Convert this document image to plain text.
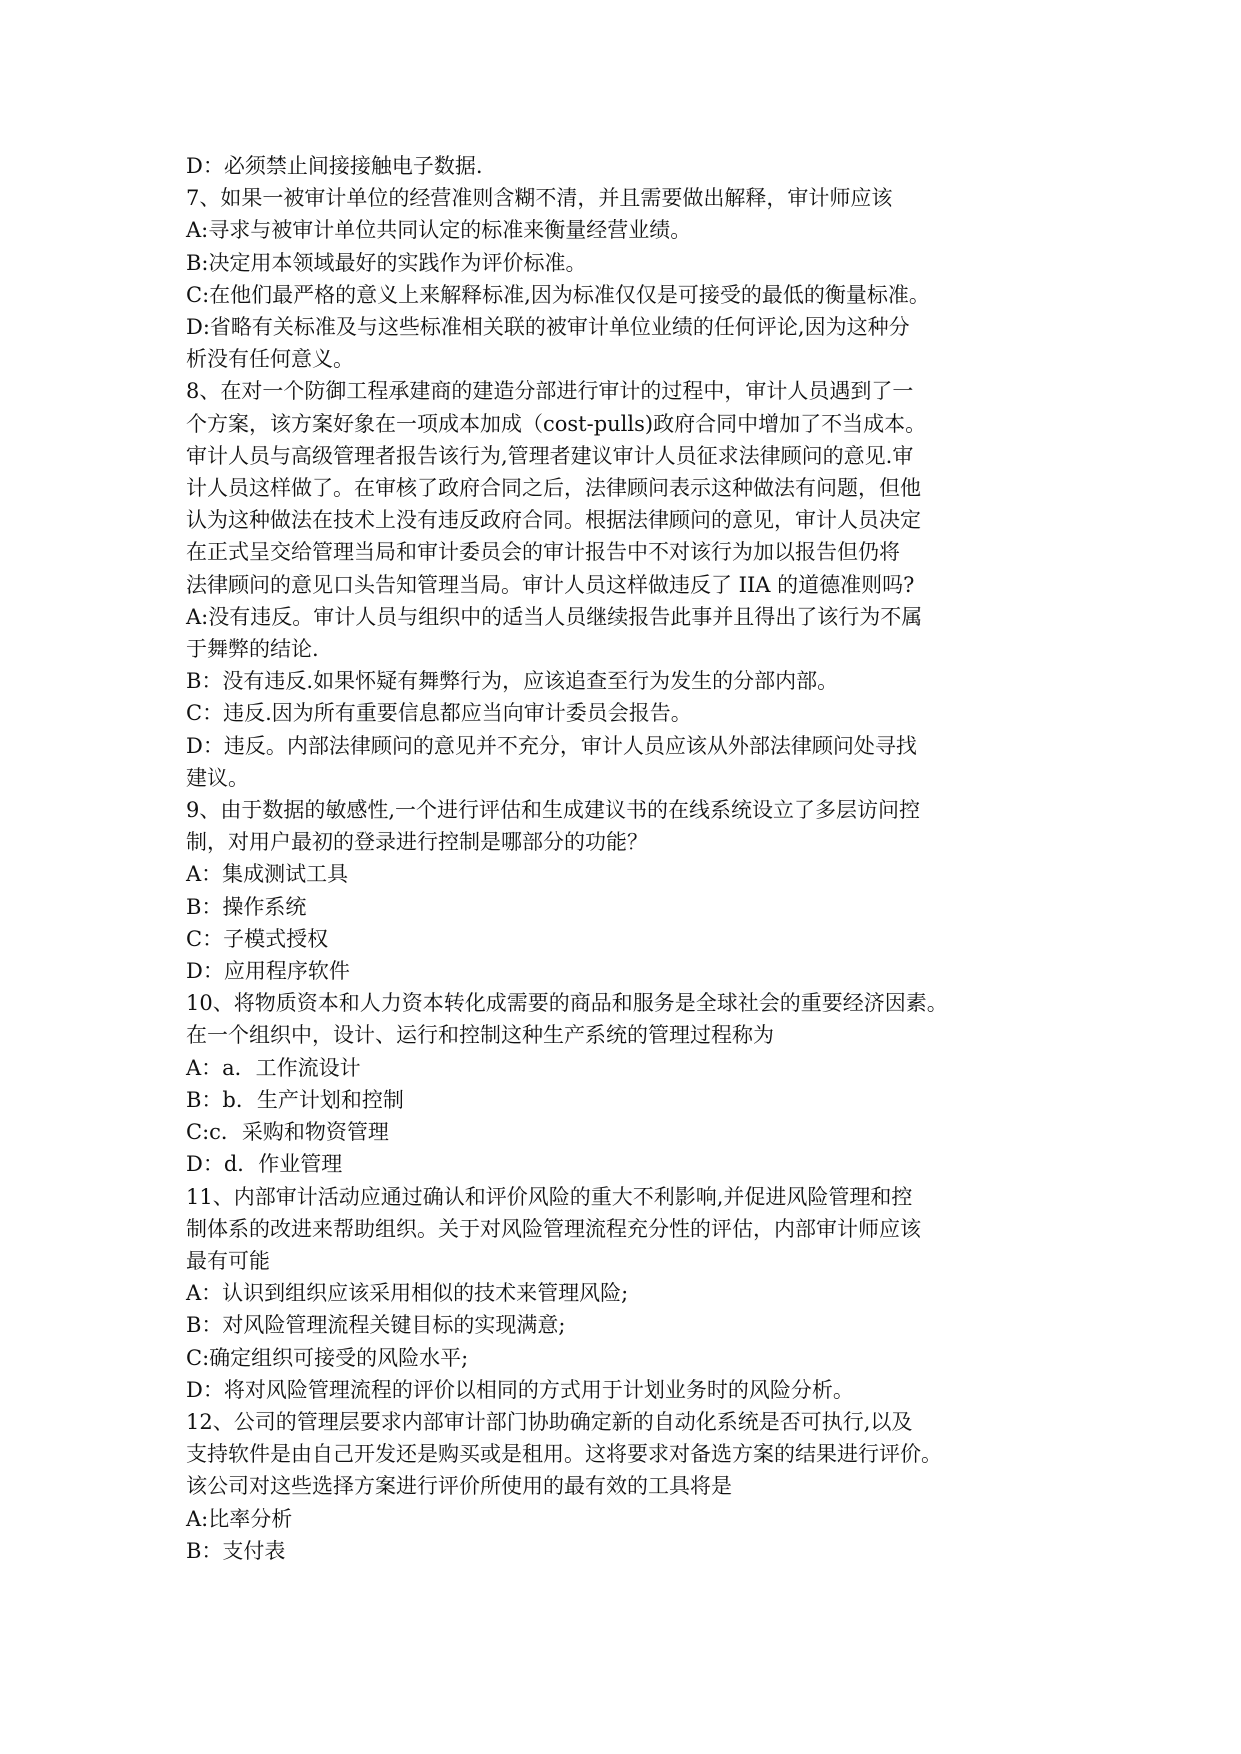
D：必须禁止间接接触电子数据.
7、如果一被审计单位的经营准则含糊不清，并且需要做出解释，审计师应该
A:寻求与被审计单位共同认定的标准来衡量经营业绩。
B:决定用本领域最好的实践作为评价标准。
C:在他们最严格的意义上来解释标准,因为标准仅仅是可接受的最低的衡量标准。
D:省略有关标准及与这些标准相关联的被审计单位业绩的任何评论,因为这种分
析没有任何意义。
8、在对一个防御工程承建商的建造分部进行审计的过程中，审计人员遇到了一
个方案，该方案好象在一项成本加成（cost-pulls)政府合同中增加了不当成本。
审计人员与高级管理者报告该行为,管理者建议审计人员征求法律顾问的意见.审
计人员这样做了。在审核了政府合同之后，法律顾问表示这种做法有问题，但他
认为这种做法在技术上没有违反政府合同。根据法律顾问的意见，审计人员决定
在正式呈交给管理当局和审计委员会的审计报告中不对该行为加以报告但仍将
法律顾问的意见口头告知管理当局。审计人员这样做违反了 IIA 的道德准则吗?
A:没有违反。审计人员与组织中的适当人员继续报告此事并且得出了该行为不属
于舞弊的结论.
B：没有违反.如果怀疑有舞弊行为，应该追查至行为发生的分部内部。
C：违反.因为所有重要信息都应当向审计委员会报告。
D：违反。内部法律顾问的意见并不充分，审计人员应该从外部法律顾问处寻找
建议。
9、由于数据的敏感性,一个进行评估和生成建议书的在线系统设立了多层访问控
制，对用户最初的登录进行控制是哪部分的功能？
A：集成测试工具
B：操作系统
C：子模式授权
D：应用程序软件
10、将物质资本和人力资本转化成需要的商品和服务是全球社会的重要经济因素。
在一个组织中，设计、运行和控制这种生产系统的管理过程称为
A：a．工作流设计
B：b．生产计划和控制
C:c．采购和物资管理
D：d．作业管理
11、内部审计活动应通过确认和评价风险的重大不利影响,并促进风险管理和控
制体系的改进来帮助组织。关于对风险管理流程充分性的评估，内部审计师应该
最有可能
A：认识到组织应该采用相似的技术来管理风险;
B：对风险管理流程关键目标的实现满意;
C:确定组织可接受的风险水平;
D：将对风险管理流程的评价以相同的方式用于计划业务时的风险分析。
12、公司的管理层要求内部审计部门协助确定新的自动化系统是否可执行,以及
支持软件是由自己开发还是购买或是租用。这将要求对备选方案的结果进行评价。
该公司对这些选择方案进行评价所使用的最有效的工具将是
A:比率分析
B：支付表
